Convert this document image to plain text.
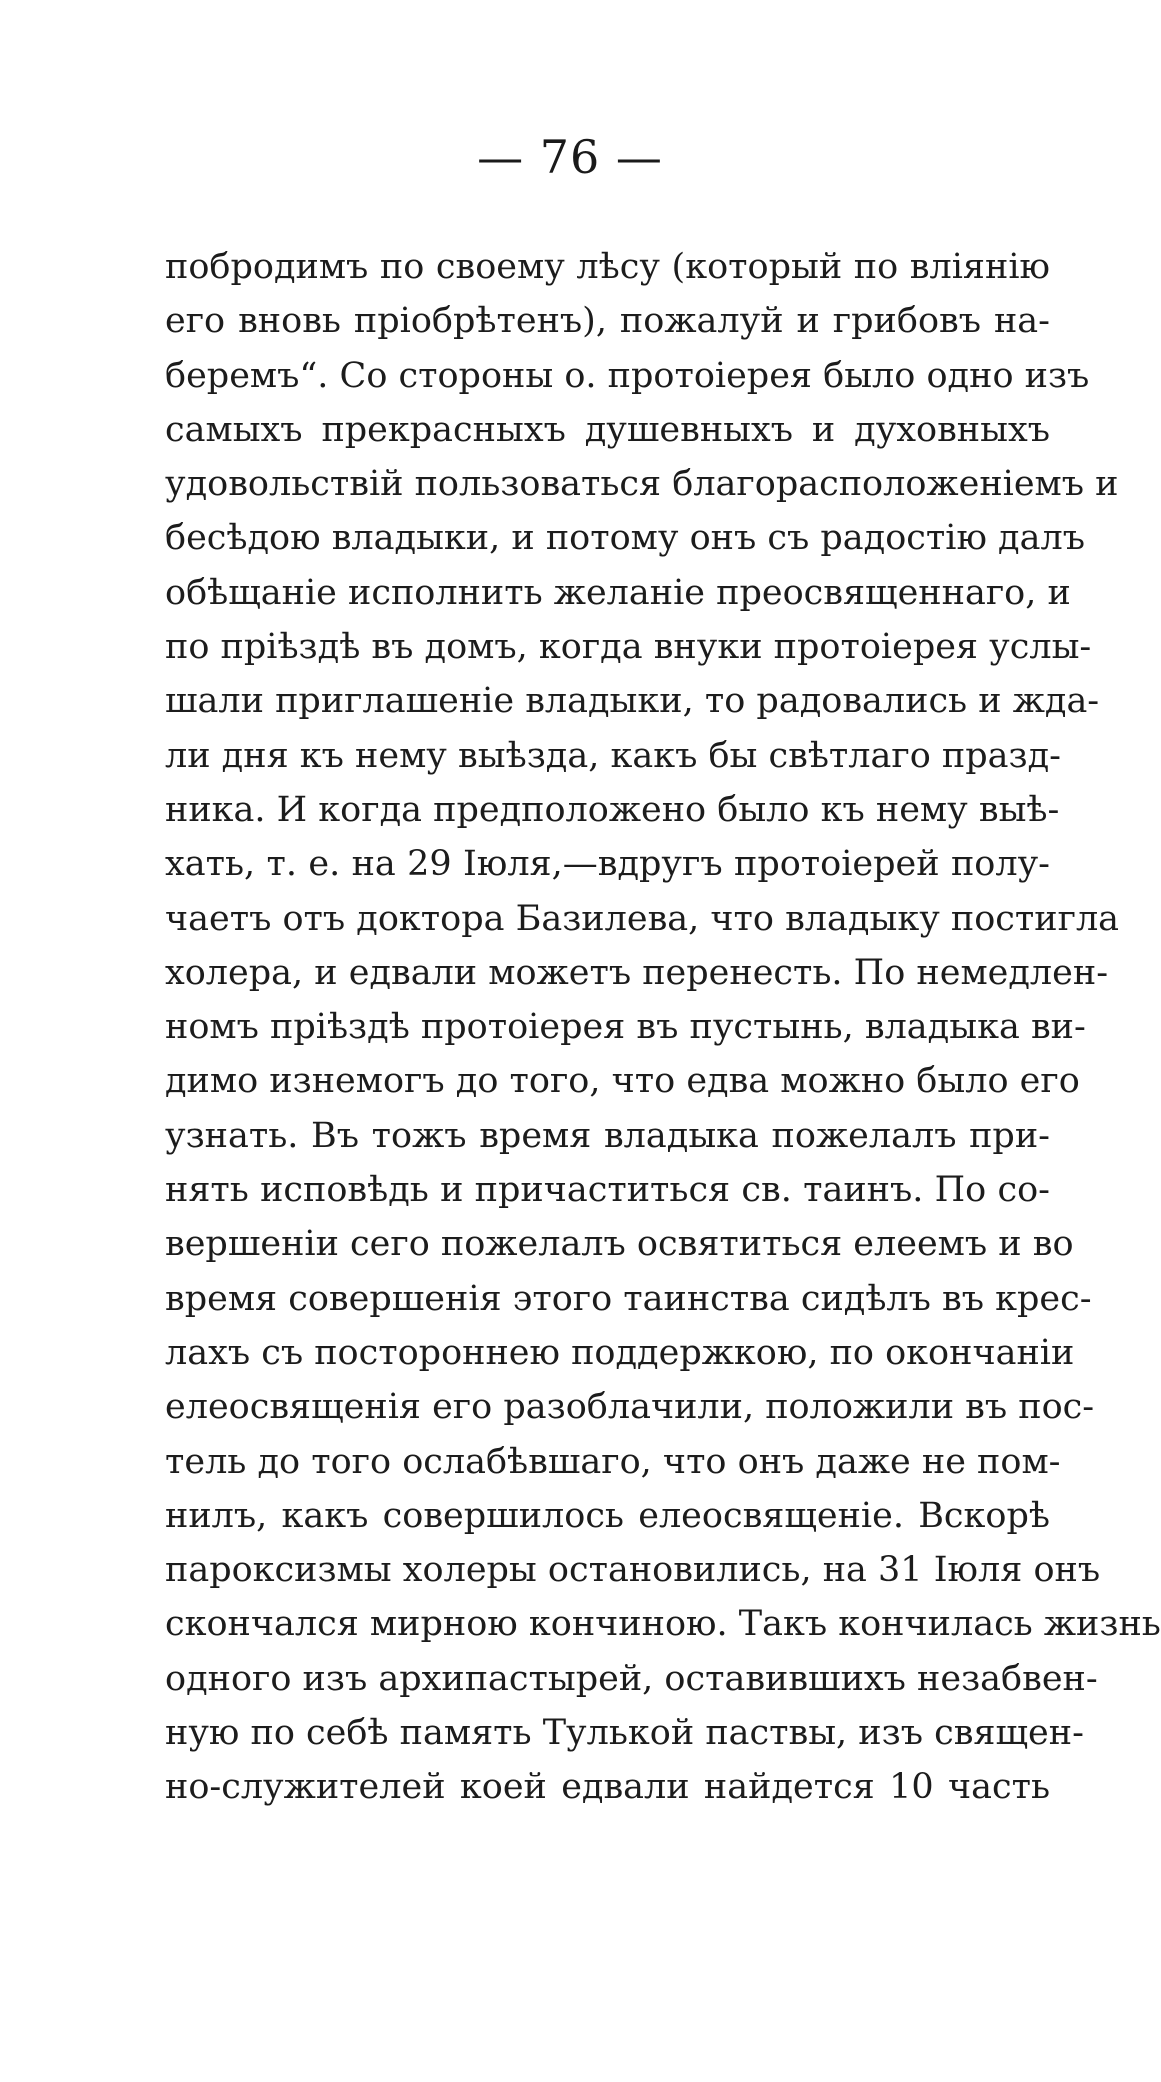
— 76 —
побродимъ по своему лѣсу (который по вліянію
его вновь пріобрѣтенъ), пожалуй и грибовъ на-
беремъ“. Со стороны о. протоіерея было одно изъ
самыхъ прекрасныхъ душевныхъ и духовныхъ
удовольствій пользоваться благорасположеніемъ и
бесѣдою владыки, и потому онъ съ радостію далъ
обѣщаніе исполнить желаніе преосвященнаго, и
по пріѣздѣ въ домъ, когда внуки протоіерея услы-
шали приглашеніе владыки, то радовались и жда-
ли дня къ нему выѣзда, какъ бы свѣтлаго празд-
ника. И когда предположено было къ нему выѣ-
хать, т. е. на 29 Іюля,—вдругъ протоіерей полу-
чаетъ отъ доктора Базилева, что владыку постигла
холера, и едвали можетъ перенесть. По немедлен-
номъ пріѣздѣ протоіерея въ пустынь, владыка ви-
димо изнемогъ до того, что едва можно было его
узнать. Въ тожъ время владыка пожелалъ при-
нять исповѣдь и причаститься св. таинъ. По со-
вершеніи сего пожелалъ освятиться елеемъ и во
время совершенія этого таинства сидѣлъ въ крес-
лахъ съ постороннею поддержкою, по окончаніи
елеосвященія его разоблачили, положили въ пос-
тель до того ослабѣвшаго, что онъ даже не пом-
нилъ, какъ совершилось елеосвященіе. Вскорѣ
пароксизмы холеры остановились, на 31 Іюля онъ
скончался мирною кончиною. Такъ кончилась жизнь
одного изъ архипастырей, оставившихъ незабвен-
ную по себѣ память Тулькой паствы, изъ священ-
но-служителей коей едвали найдется 10 часть
